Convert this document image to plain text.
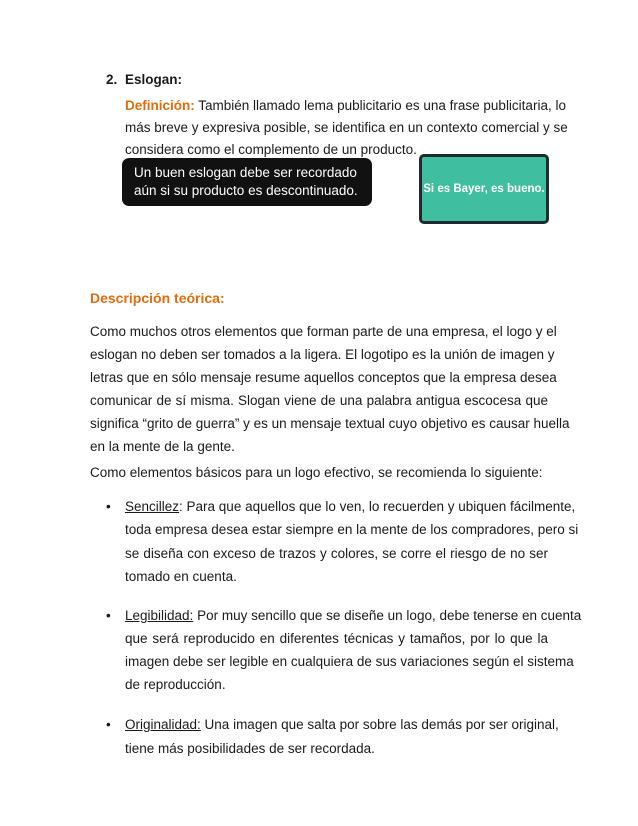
2. Eslogan:
Definición: También llamado lema publicitario es una frase publicitaria, lo
más breve y expresiva posible, se identifica en un contexto comercial y se
considera como el complemento de un producto.
Un buen eslogan debe ser recordado
aún si su producto es descontinuado.	Si es Bayer, es bueno.
Descripción teórica:
Como muchos otros elementos que forman parte de una empresa, el logo y el
eslogan no deben ser tomados a la ligera. El logotipo es la unión de imagen y
letras que en sólo mensaje resume aquellos conceptos que la empresa desea
comunicar de sí misma. Slogan viene de una palabra antigua escocesa que
significa “grito de guerra” y es un mensaje textual cuyo objetivo es causar huella
en la mente de la gente.
Como elementos básicos para un logo efectivo, se recomienda lo siguiente:
• Sencillez: Para que aquellos que lo ven, lo recuerden y ubiquen fácilmente,
toda empresa desea estar siempre en la mente de los compradores, pero si
se diseña con exceso de trazos y colores, se corre el riesgo de no ser
tomado en cuenta.
• Legibilidad: Por muy sencillo que se diseñe un logo, debe tenerse en cuenta
que será reproducido en diferentes técnicas y tamaños, por lo que la
imagen debe ser legible en cualquiera de sus variaciones según el sistema
de reproducción.
• Originalidad: Una imagen que salta por sobre las demás por ser original,
tiene más posibilidades de ser recordada.
